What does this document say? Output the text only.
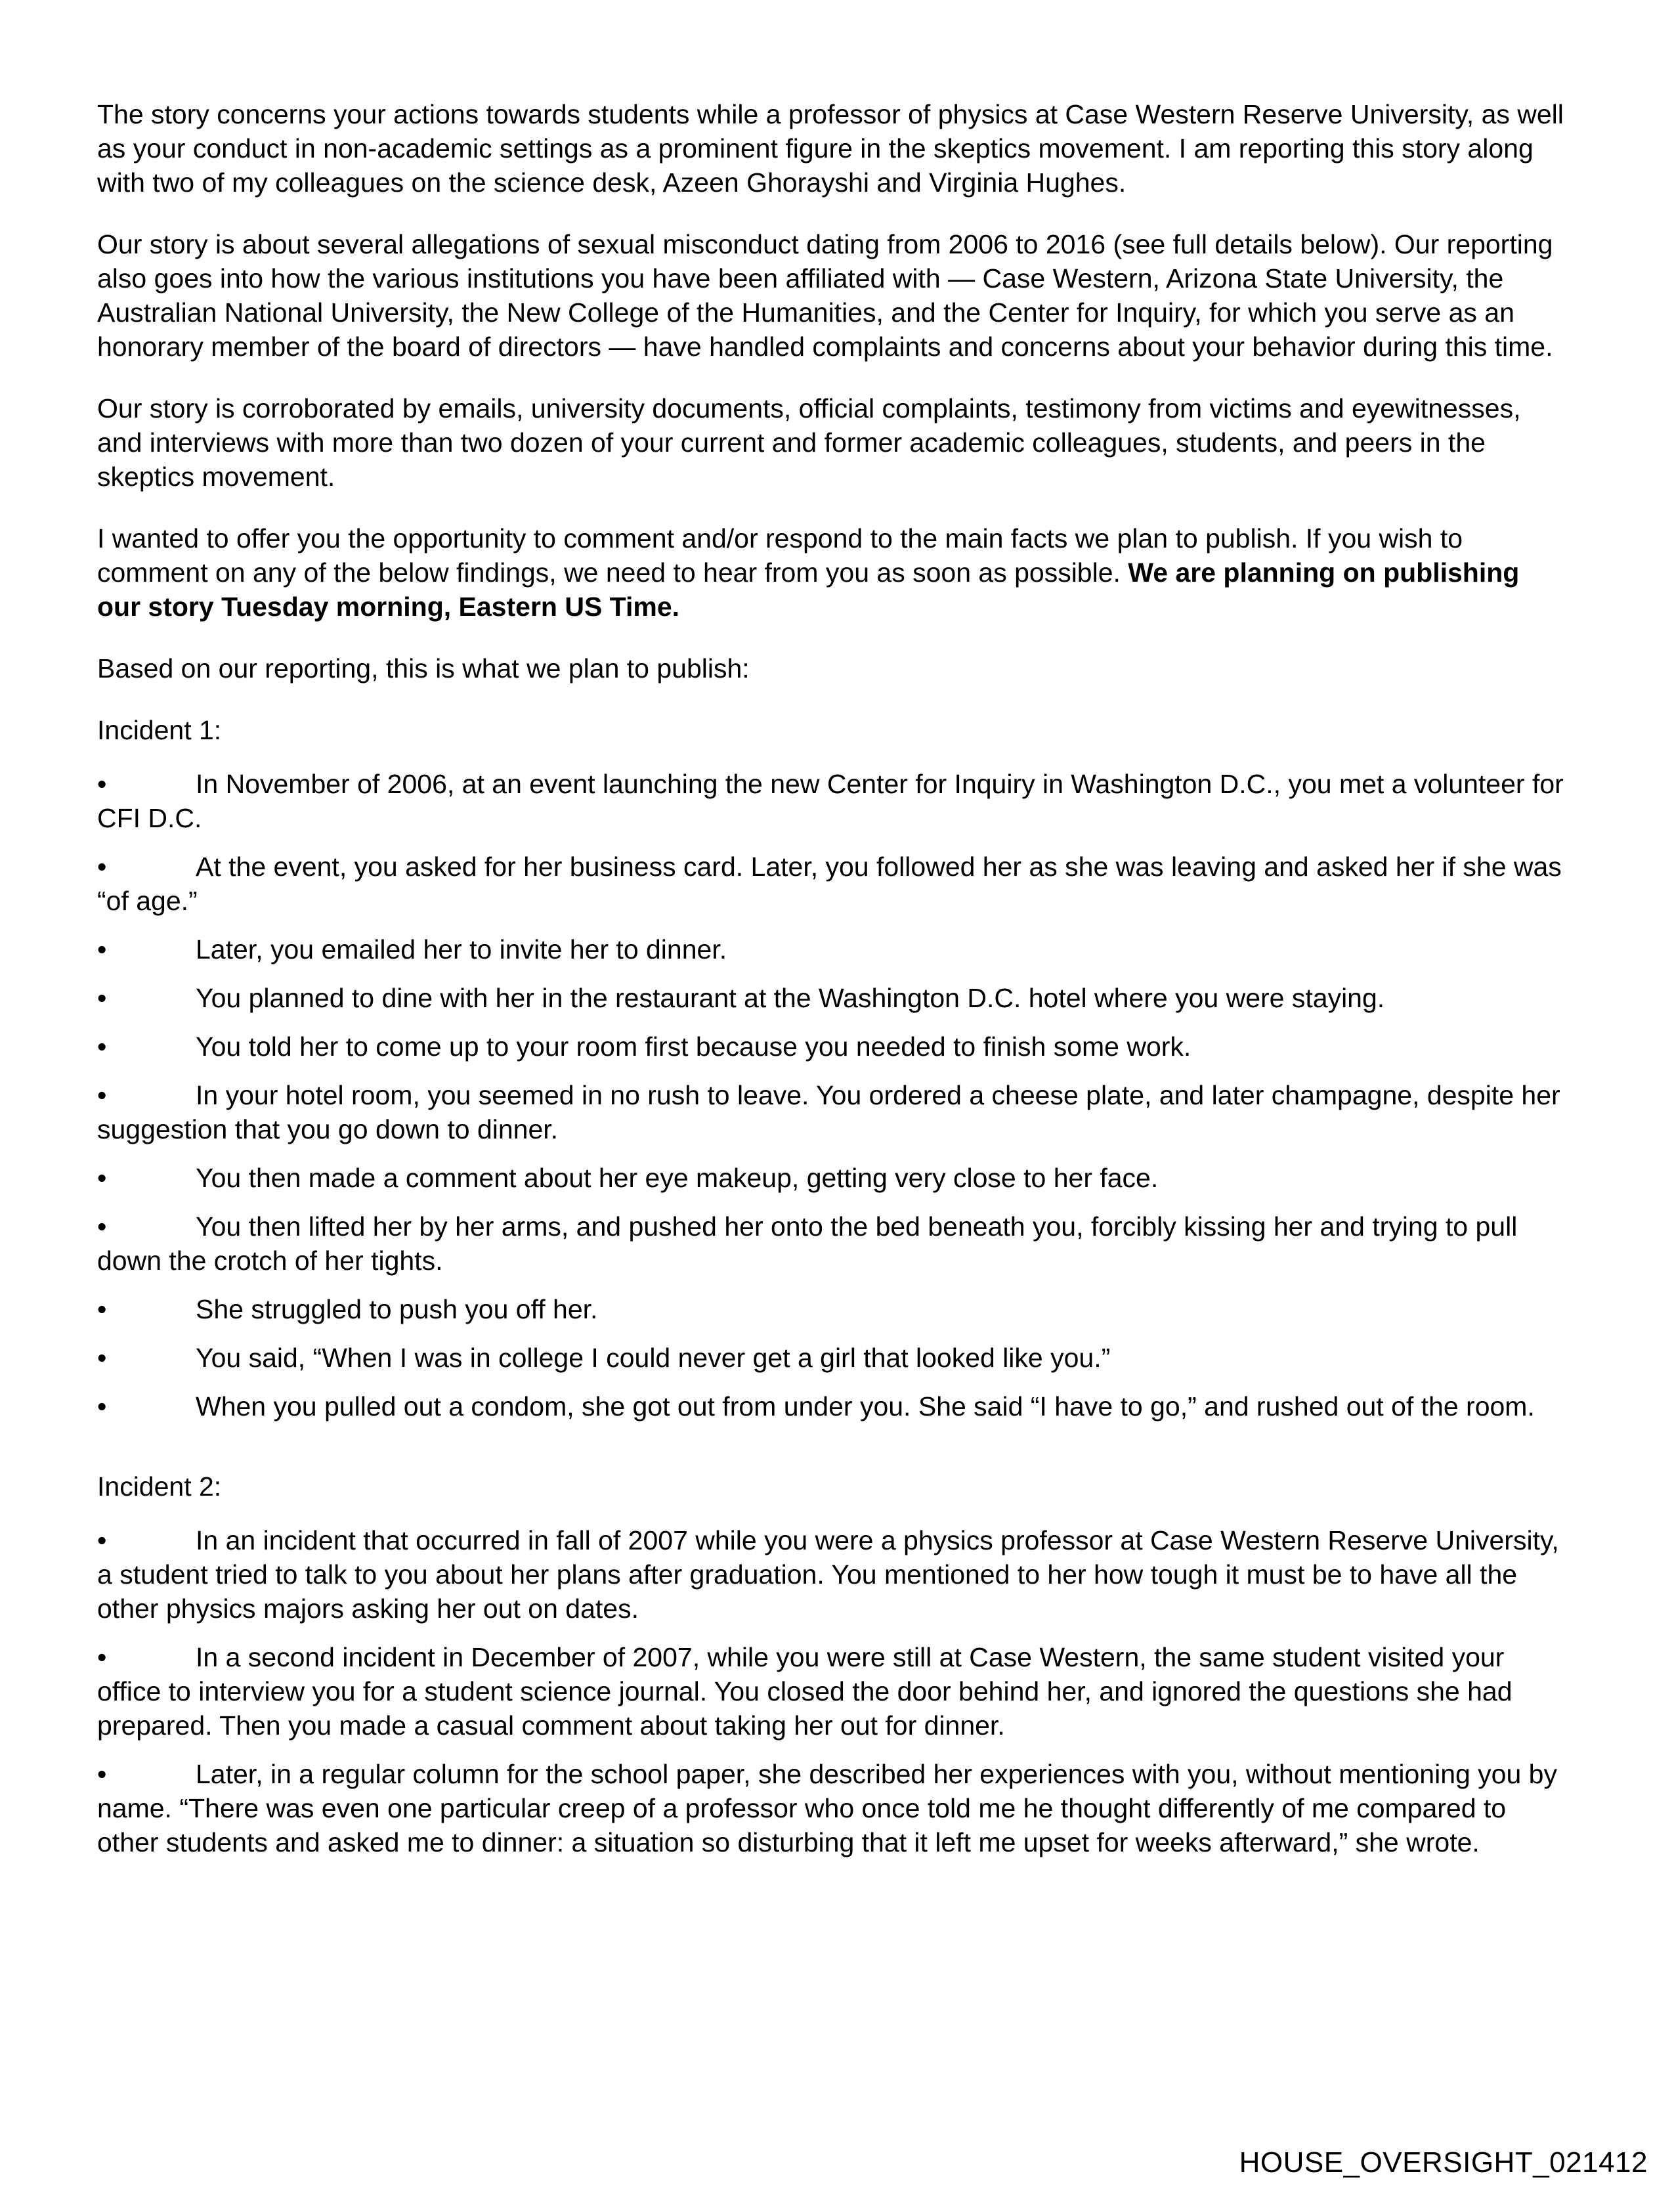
The story concerns your actions towards students while a professor of physics at Case Western Reserve University, as well as your conduct in non-academic settings as a prominent figure in the skeptics movement. I am reporting this story along with two of my colleagues on the science desk, Azeen Ghorayshi and Virginia Hughes.

Our story is about several allegations of sexual misconduct dating from 2006 to 2016 (see full details below). Our reporting also goes into how the various institutions you have been affiliated with — Case Western, Arizona State University, the Australian National University, the New College of the Humanities, and the Center for Inquiry, for which you serve as an honorary member of the board of directors — have handled complaints and concerns about your behavior during this time.

Our story is corroborated by emails, university documents, official complaints, testimony from victims and eyewitnesses, and interviews with more than two dozen of your current and former academic colleagues, students, and peers in the skeptics movement.

I wanted to offer you the opportunity to comment and/or respond to the main facts we plan to publish. If you wish to comment on any of the below findings, we need to hear from you as soon as possible. We are planning on publishing our story Tuesday morning, Eastern US Time.

Based on our reporting, this is what we plan to publish:

Incident 1:

•	In November of 2006, at an event launching the new Center for Inquiry in Washington D.C., you met a volunteer for CFI D.C.

•	At the event, you asked for her business card. Later, you followed her as she was leaving and asked her if she was “of age.”

•	Later, you emailed her to invite her to dinner.

•	You planned to dine with her in the restaurant at the Washington D.C. hotel where you were staying.

•	You told her to come up to your room first because you needed to finish some work.

•	In your hotel room, you seemed in no rush to leave. You ordered a cheese plate, and later champagne, despite her suggestion that you go down to dinner.

•	You then made a comment about her eye makeup, getting very close to her face.

•	You then lifted her by her arms, and pushed her onto the bed beneath you, forcibly kissing her and trying to pull down the crotch of her tights.

•	She struggled to push you off her.

•	You said, “When I was in college I could never get a girl that looked like you.”

•	When you pulled out a condom, she got out from under you. She said “I have to go,” and rushed out of the room.

Incident 2:

•	In an incident that occurred in fall of 2007 while you were a physics professor at Case Western Reserve University, a student tried to talk to you about her plans after graduation. You mentioned to her how tough it must be to have all the other physics majors asking her out on dates.

•	In a second incident in December of 2007, while you were still at Case Western, the same student visited your office to interview you for a student science journal. You closed the door behind her, and ignored the questions she had prepared. Then you made a casual comment about taking her out for dinner.

•	Later, in a regular column for the school paper, she described her experiences with you, without mentioning you by name. “There was even one particular creep of a professor who once told me he thought differently of me compared to other students and asked me to dinner: a situation so disturbing that it left me upset for weeks afterward,” she wrote.

HOUSE_OVERSIGHT_021412
